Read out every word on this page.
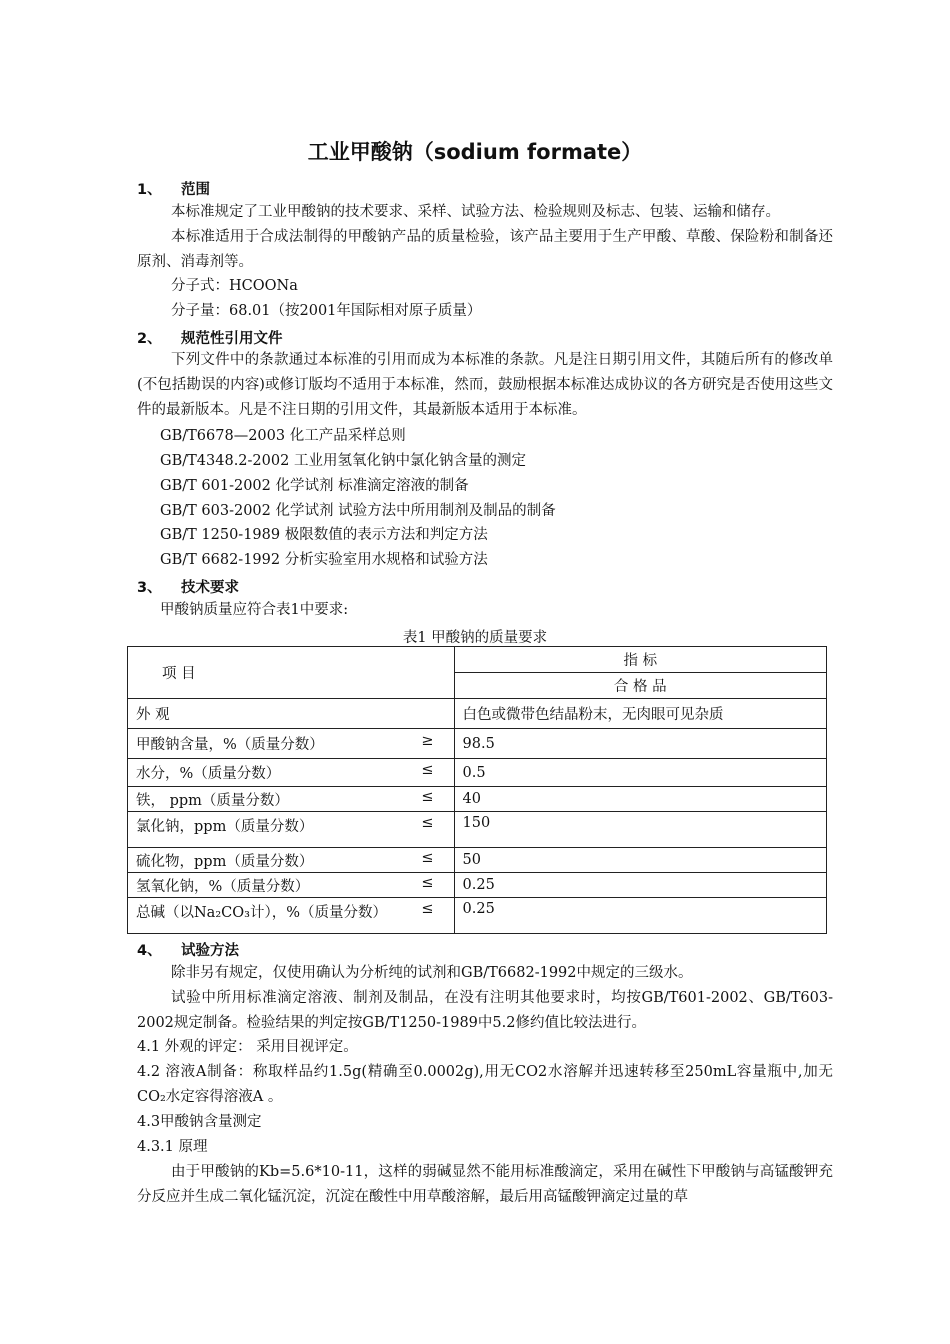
工业甲酸钠（sodium formate）
1、 范围
本标准规定了工业甲酸钠的技术要求、采样、试验方法、检验规则及标志、包装、运输和储存。
本标准适用于合成法制得的甲酸钠产品的质量检验，该产品主要用于生产甲酸、草酸、保险粉和制备还原剂、消毒剂等。
分子式：HCOONa
分子量：68.01（按2001年国际相对原子质量）
2、 规范性引用文件
下列文件中的条款通过本标准的引用而成为本标准的条款。凡是注日期引用文件，其随后所有的修改单(不包括勘误的内容)或修订版均不适用于本标准，然而，鼓励根据本标准达成协议的各方研究是否使用这些文件的最新版本。凡是不注日期的引用文件，其最新版本适用于本标准。
GB/T6678—2003 化工产品采样总则
GB/T4348.2-2002 工业用氢氧化钠中氯化钠含量的测定
GB/T 601-2002 化学试剂 标准滴定溶液的制备
GB/T 603-2002 化学试剂 试验方法中所用制剂及制品的制备
GB/T 1250-1989 极限数值的表示方法和判定方法
GB/T 6682-1992 分析实验室用水规格和试验方法
3、 技术要求
甲酸钠质量应符合表1中要求:
表1 甲酸钠的质量要求
项 目	指 标
	合 格 品
外 观	白色或微带色结晶粉末，无肉眼可见杂质
甲酸钠含量，%（质量分数） ≥	98.5
水分，%（质量分数） ≤	0.5
铁， ppm（质量分数） ≤	40
氯化钠，ppm（质量分数） ≤	150
硫化物，ppm（质量分数） ≤	50
氢氧化钠，%（质量分数） ≤	0.25
总碱（以Na₂CO₃计），%（质量分数） ≤	0.25
4、 试验方法
除非另有规定，仅使用确认为分析纯的试剂和GB/T6682-1992中规定的三级水。
试验中所用标准滴定溶液、制剂及制品，在没有注明其他要求时，均按GB/T601-2002、GB/T603-2002规定制备。检验结果的判定按GB/T1250-1989中5.2修约值比较法进行。
4.1 外观的评定： 采用目视评定。
4.2 溶液A制备：称取样品约1.5g(精确至0.0002g),用无CO2水溶解并迅速转移至250mL容量瓶中,加无CO₂水定容得溶液A 。
4.3甲酸钠含量测定
4.3.1 原理
由于甲酸钠的Kb=5.6*10-11，这样的弱碱显然不能用标准酸滴定，采用在碱性下甲酸钠与高锰酸钾充分反应并生成二氧化锰沉淀，沉淀在酸性中用草酸溶解，最后用高锰酸钾滴定过量的草
